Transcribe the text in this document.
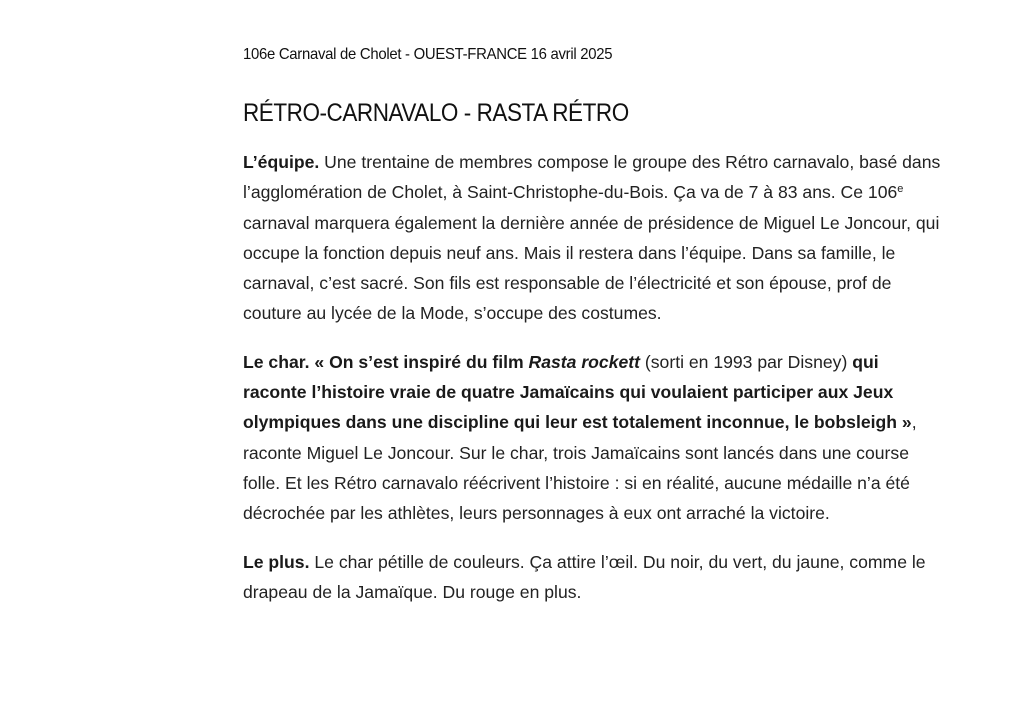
106e Carnaval de Cholet - OUEST-FRANCE 16 avril 2025

RÉTRO-CARNAVALO - RASTA RÉTRO

L’équipe. Une trentaine de membres compose le groupe des Rétro carnavalo, basé dans l’agglomération de Cholet, à Saint-Christophe-du-Bois. Ça va de 7 à 83 ans. Ce 106e carnaval marquera également la dernière année de présidence de Miguel Le Joncour, qui occupe la fonction depuis neuf ans. Mais il restera dans l’équipe. Dans sa famille, le carnaval, c’est sacré. Son fils est responsable de l’électricité et son épouse, prof de couture au lycée de la Mode, s’occupe des costumes.

Le char. « On s’est inspiré du film Rasta rockett (sorti en 1993 par Disney) qui raconte l’histoire vraie de quatre Jamaïcains qui voulaient participer aux Jeux olympiques dans une discipline qui leur est totalement inconnue, le bobsleigh », raconte Miguel Le Joncour. Sur le char, trois Jamaïcains sont lancés dans une course folle. Et les Rétro carnavalo réécrivent l’histoire : si en réalité, aucune médaille n’a été décrochée par les athlètes, leurs personnages à eux ont arraché la victoire.

Le plus. Le char pétille de couleurs. Ça attire l’œil. Du noir, du vert, du jaune, comme le drapeau de la Jamaïque. Du rouge en plus.
